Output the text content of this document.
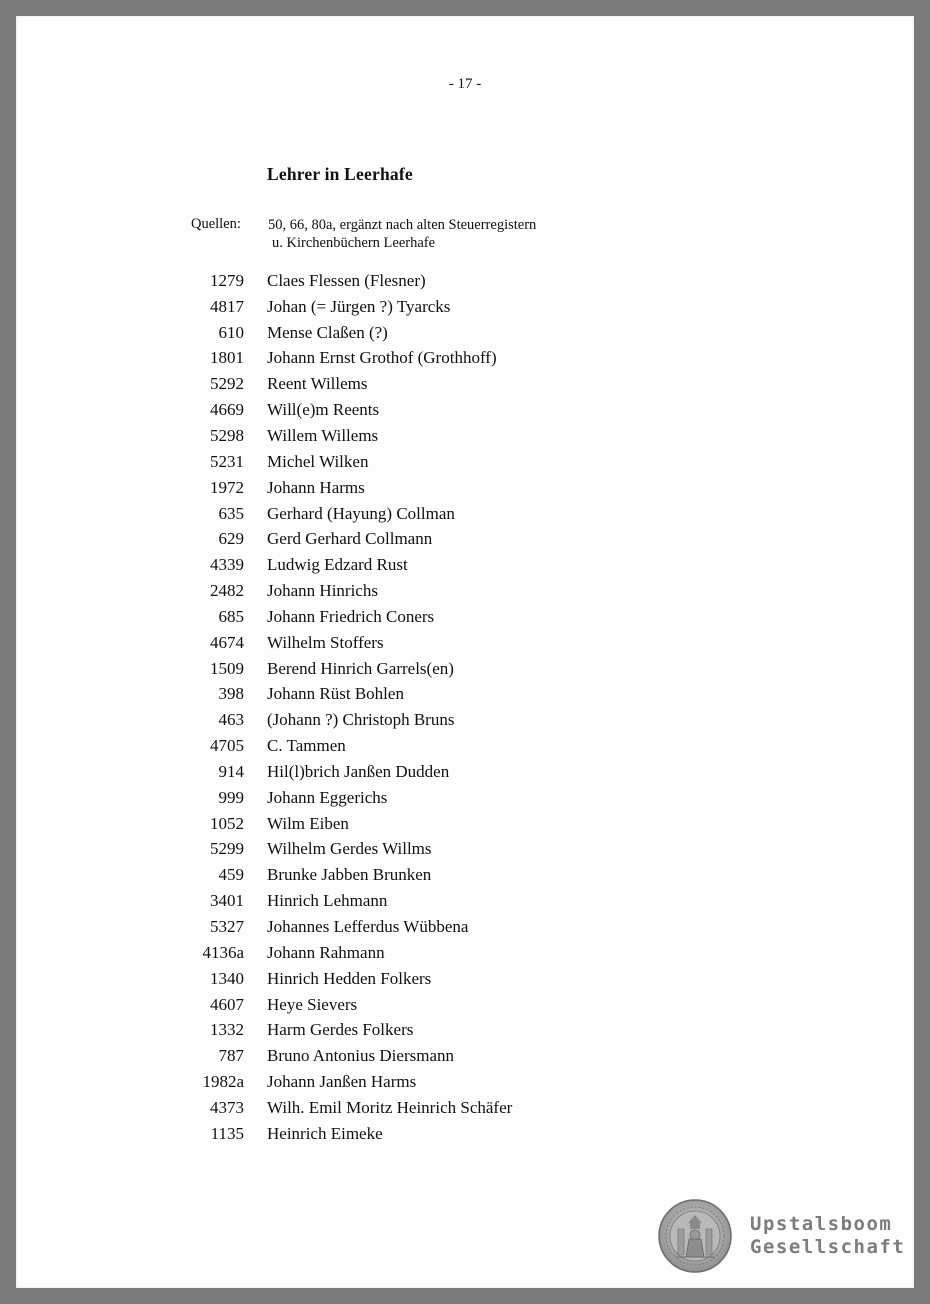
- 17 -
Lehrer in Leerhafe
Quellen: 50, 66, 80a, ergänzt nach alten Steuerregistern
u. Kirchenbüchern Leerhafe
1279 Claes Flessen (Flesner)
4817 Johan (= Jürgen ?) Tyarcks
610 Mense Claßen (?)
1801 Johann Ernst Grothof (Grothhoff)
5292 Reent Willems
4669 Will(e)m Reents
5298 Willem Willems
5231 Michel Wilken
1972 Johann Harms
635 Gerhard (Hayung) Collman
629 Gerd Gerhard Collmann
4339 Ludwig Edzard Rust
2482 Johann Hinrichs
685 Johann Friedrich Coners
4674 Wilhelm Stoffers
1509 Berend Hinrich Garrels(en)
398 Johann Rüst Bohlen
463 (Johann ?) Christoph Bruns
4705 C. Tammen
914 Hil(l)brich Janßen Dudden
999 Johann Eggerichs
1052 Wilm Eiben
5299 Wilhelm Gerdes Willms
459 Brunke Jabben Brunken
3401 Hinrich Lehmann
5327 Johannes Lefferdus Wübbena
4136a Johann Rahmann
1340 Hinrich Hedden Folkers
4607 Heye Sievers
1332 Harm Gerdes Folkers
787 Bruno Antonius Diersmann
1982a Johann Janßen Harms
4373 Wilh. Emil Moritz Heinrich Schäfer
1135 Heinrich Eimeke
Upstalsboom
Gesellschaft
